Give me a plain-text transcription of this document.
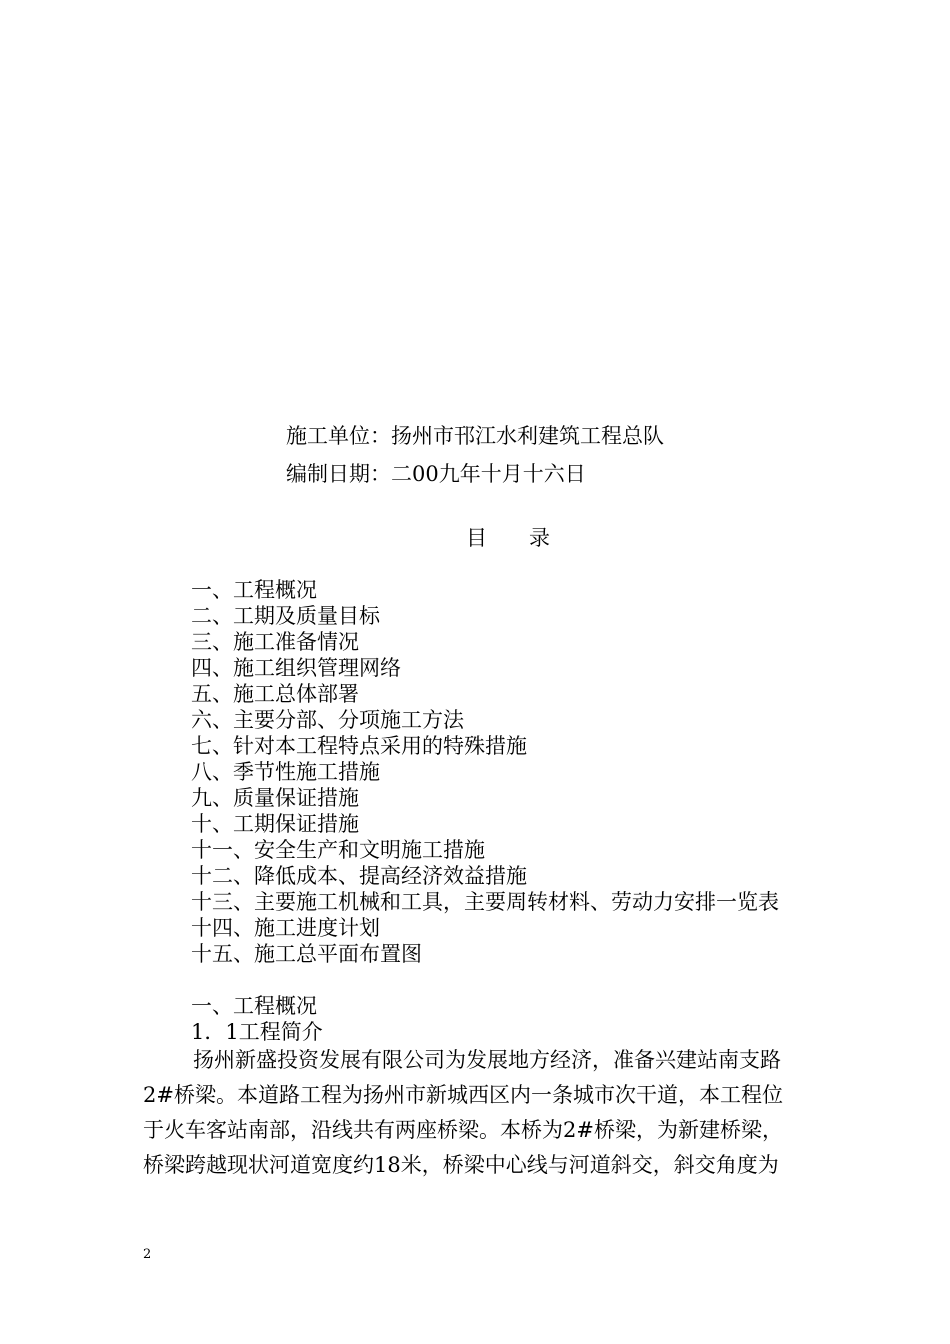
施工单位：扬州市邗江水利建筑工程总队
编制日期：二00九年十月十六日
目 录
一、工程概况
二、工期及质量目标
三、施工准备情况
四、施工组织管理网络
五、施工总体部署
六、主要分部、分项施工方法
七、针对本工程特点采用的特殊措施
八、季节性施工措施
九、质量保证措施
十、工期保证措施
十一、安全生产和文明施工措施
十二、降低成本、提高经济效益措施
十三、主要施工机械和工具，主要周转材料、劳动力安排一览表
十四、施工进度计划
十五、施工总平面布置图
一、工程概况
1．1工程简介
扬州新盛投资发展有限公司为发展地方经济，准备兴建站南支路
2#桥梁。本道路工程为扬州市新城西区内一条城市次干道，本工程位
于火车客站南部，沿线共有两座桥梁。本桥为2#桥梁，为新建桥梁，
桥梁跨越现状河道宽度约18米，桥梁中心线与河道斜交，斜交角度为
2
